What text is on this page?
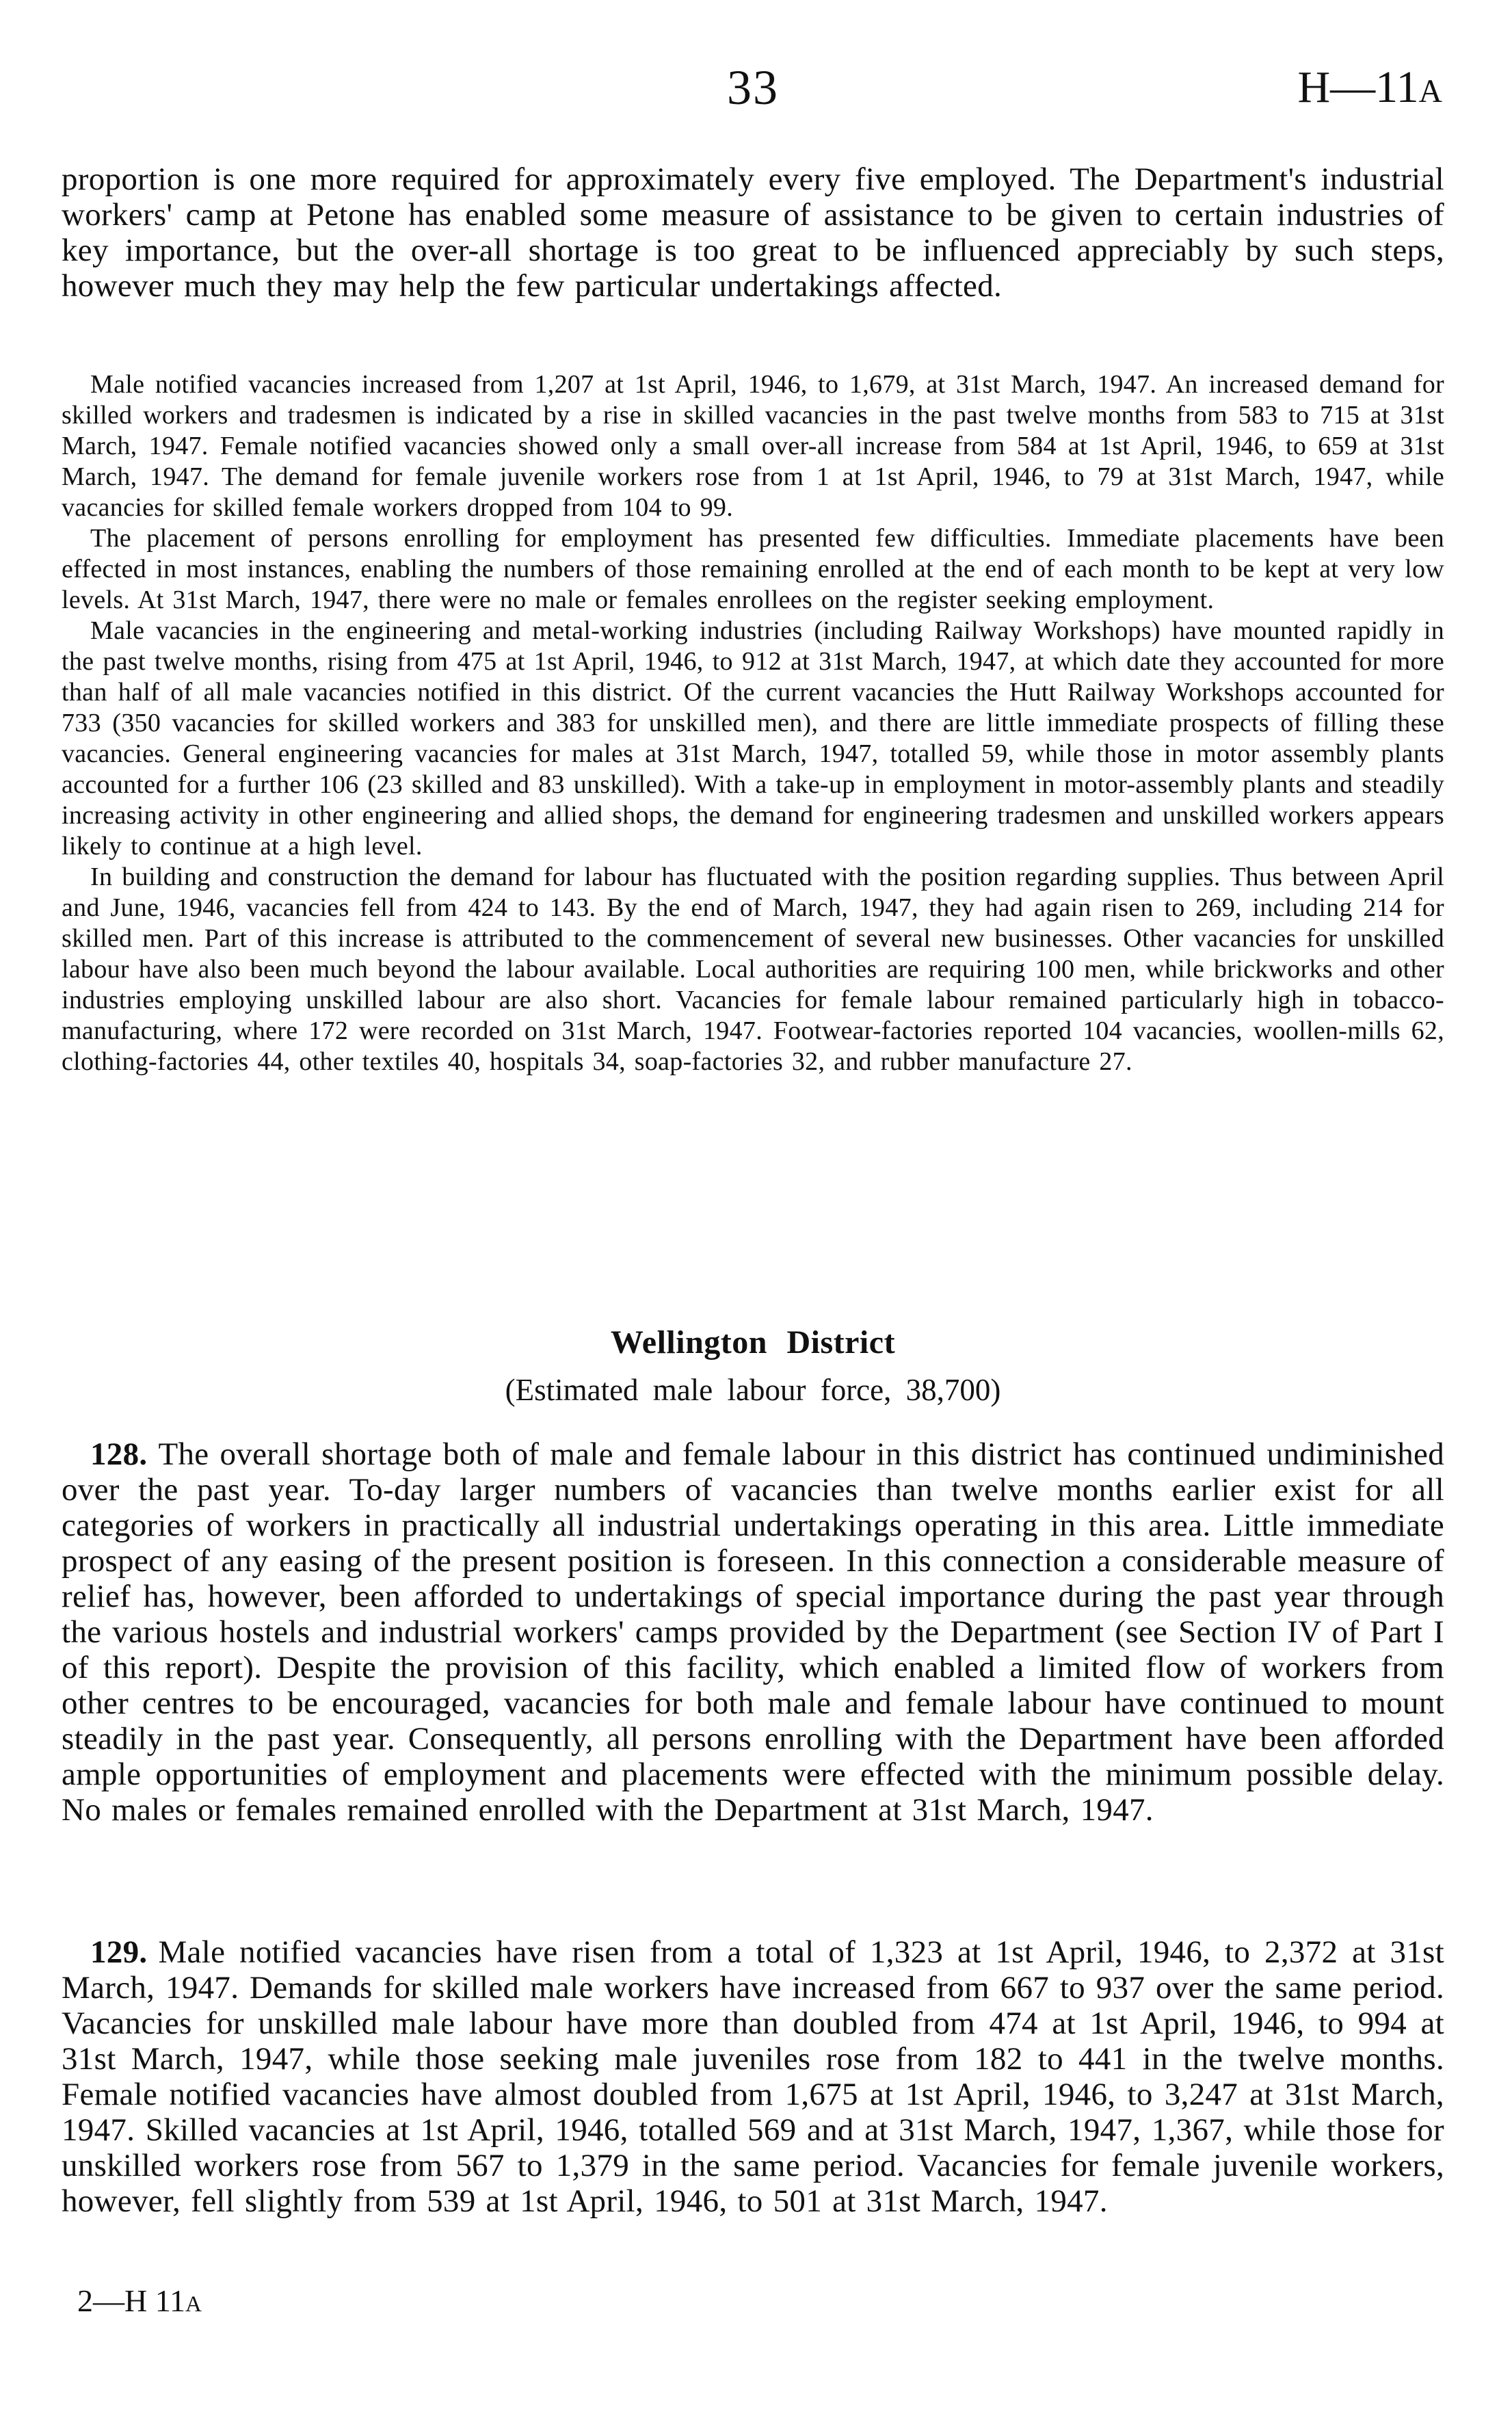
33	H—11A

proportion is one more required for approximately every five employed. The Department's industrial workers' camp at Petone has enabled some measure of assistance to be given to certain industries of key importance, but the over-all shortage is too great to be influenced appreciably by such steps, however much they may help the few particular undertakings affected.

Male notified vacancies increased from 1,207 at 1st April, 1946, to 1,679, at 31st March, 1947. An increased demand for skilled workers and tradesmen is indicated by a rise in skilled vacancies in the past twelve months from 583 to 715 at 31st March, 1947. Female notified vacancies showed only a small over-all increase from 584 at 1st April, 1946, to 659 at 31st March, 1947. The demand for female juvenile workers rose from 1 at 1st April, 1946, to 79 at 31st March, 1947, while vacancies for skilled female workers dropped from 104 to 99.

The placement of persons enrolling for employment has presented few difficulties. Immediate placements have been effected in most instances, enabling the numbers of those remaining enrolled at the end of each month to be kept at very low levels. At 31st March, 1947, there were no male or females enrollees on the register seeking employment.

Male vacancies in the engineering and metal-working industries (including Railway Workshops) have mounted rapidly in the past twelve months, rising from 475 at 1st April, 1946, to 912 at 31st March, 1947, at which date they accounted for more than half of all male vacancies notified in this district. Of the current vacancies the Hutt Railway Workshops accounted for 733 (350 vacancies for skilled workers and 383 for unskilled men), and there are little immediate prospects of filling these vacancies. General engineering vacancies for males at 31st March, 1947, totalled 59, while those in motor assembly plants accounted for a further 106 (23 skilled and 83 unskilled). With a take-up in employment in motor-assembly plants and steadily increasing activity in other engineering and allied shops, the demand for engineering tradesmen and unskilled workers appears likely to continue at a high level.

In building and construction the demand for labour has fluctuated with the position regarding supplies. Thus between April and June, 1946, vacancies fell from 424 to 143. By the end of March, 1947, they had again risen to 269, including 214 for skilled men. Part of this increase is attributed to the commencement of several new businesses. Other vacancies for unskilled labour have also been much beyond the labour available. Local authorities are requiring 100 men, while brickworks and other industries employing unskilled labour are also short. Vacancies for female labour remained particularly high in tobacco-manufacturing, where 172 were recorded on 31st March, 1947. Footwear-factories reported 104 vacancies, woollen-mills 62, clothing-factories 44, other textiles 40, hospitals 34, soap-factories 32, and rubber manufacture 27.

Wellington District
(Estimated male labour force, 38,700)

128. The overall shortage both of male and female labour in this district has continued undiminished over the past year. To-day larger numbers of vacancies than twelve months earlier exist for all categories of workers in practically all industrial undertakings operating in this area. Little immediate prospect of any easing of the present position is foreseen. In this connection a considerable measure of relief has, however, been afforded to undertakings of special importance during the past year through the various hostels and industrial workers' camps provided by the Department (see Section IV of Part I of this report). Despite the provision of this facility, which enabled a limited flow of workers from other centres to be encouraged, vacancies for both male and female labour have continued to mount steadily in the past year. Consequently, all persons enrolling with the Department have been afforded ample opportunities of employment and placements were effected with the minimum possible delay. No males or females remained enrolled with the Department at 31st March, 1947.

129. Male notified vacancies have risen from a total of 1,323 at 1st April, 1946, to 2,372 at 31st March, 1947. Demands for skilled male workers have increased from 667 to 937 over the same period. Vacancies for unskilled male labour have more than doubled from 474 at 1st April, 1946, to 994 at 31st March, 1947, while those seeking male juveniles rose from 182 to 441 in the twelve months. Female notified vacancies have almost doubled from 1,675 at 1st April, 1946, to 3,247 at 31st March, 1947. Skilled vacancies at 1st April, 1946, totalled 569 and at 31st March, 1947, 1,367, while those for unskilled workers rose from 567 to 1,379 in the same period. Vacancies for female juvenile workers, however, fell slightly from 539 at 1st April, 1946, to 501 at 31st March, 1947.

2—H 11A
